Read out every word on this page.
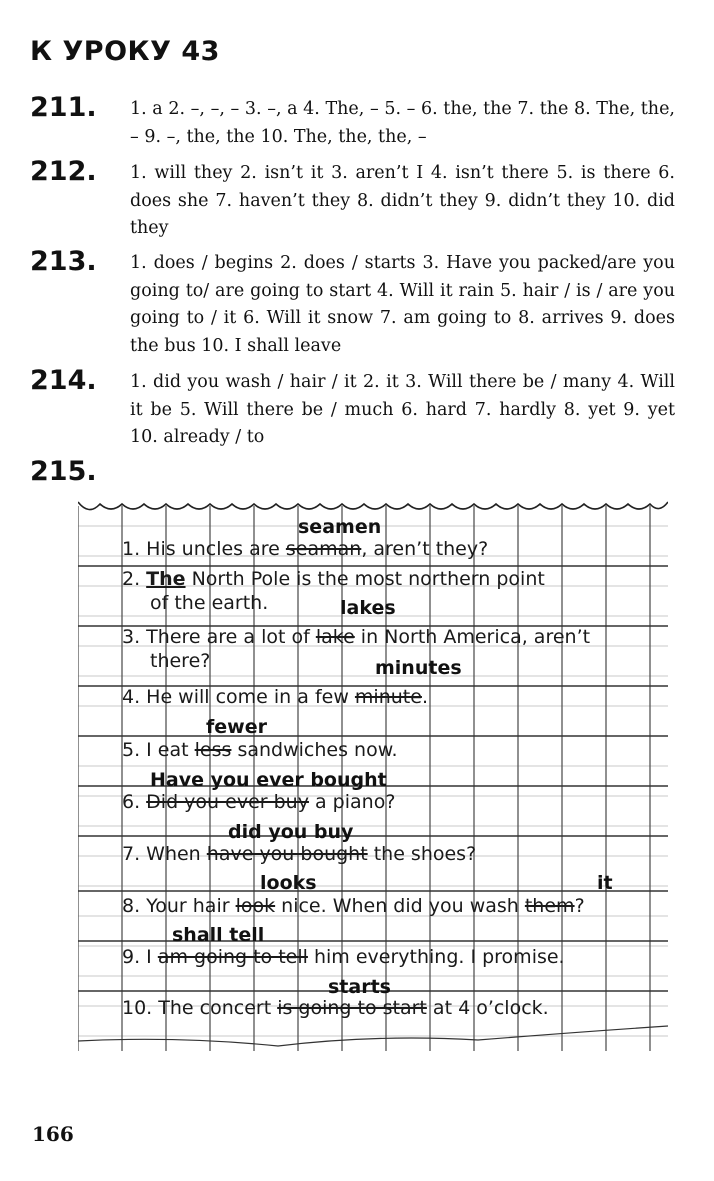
К УРОКУ 43
211. 1. a 2. –, –, – 3. –, a 4. The, – 5. – 6. the, the 7. the 8. The, the, – 9. –, the, the 10. The, the, the, –
212. 1. will they 2. isn’t it 3. aren’t I 4. isn’t there 5. is there 6. does she 7. haven’t they 8. didn’t they 9. didn’t they 10. did they
213. 1. does / begins 2. does / starts 3. Have you packed/are you going to/ are going to start 4. Will it rain 5. hair / is / are you going to / it 6. Will it snow 7. am going to 8. arrives 9. does the bus 10. I shall leave
214. 1. did you wash / hair / it 2. it 3. Will there be / many 4. Will it be 5. Will there be / much 6. hard 7. hardly 8. yet 9. yet 10. already / to
215.
seamen
lakes
minutes
fewer
Have you ever bought
did you buy
looks	it
shall tell
starts
1. His uncles are seaman, aren’t they?
2. The North Pole is the most northern point
of the earth.
3. There are a lot of lake in North America, aren’t
there?
4. He will come in a few minute.
5. I eat less sandwiches now.
6. Did you ever buy a piano?
7. When have you bought the shoes?
8. Your hair look nice. When did you wash them?
9. I am going to tell him everything. I promise.
10. The concert is going to start at 4 o’clock.
166
